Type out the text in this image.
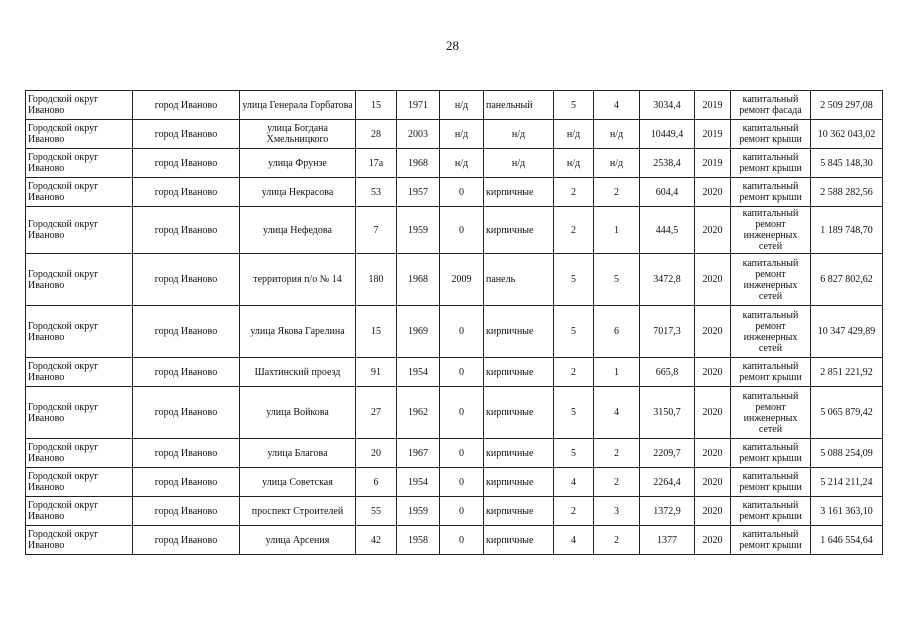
28
Городской округ Иваново	город Иваново	улица Генерала Горбатова	15	1971	н/д	панельный	5	4	3034,4	2019	капитальный ремонт фасада	2 509 297,08
Городской округ Иваново	город Иваново	улица Богдана Хмельницкого	28	2003	н/д	н/д	н/д	н/д	10449,4	2019	капитальный ремонт крыши	10 362 043,02
Городской округ Иваново	город Иваново	улица Фрунзе	17а	1968	н/д	н/д	н/д	н/д	2538,4	2019	капитальный ремонт крыши	5 845 148,30
Городской округ Иваново	город Иваново	улица Некрасова	53	1957	0	кирпичные	2	2	604,4	2020	капитальный ремонт крыши	2 588 282,56
Городской округ Иваново	город Иваново	улица Нефедова	7	1959	0	кирпичные	2	1	444,5	2020	капитальный ремонт инженерных сетей	1 189 748,70
Городской округ Иваново	город Иваново	территория п/о № 14	180	1968	2009	панель	5	5	3472,8	2020	капитальный ремонт инженерных сетей	6 827 802,62
Городской округ Иваново	город Иваново	улица Якова Гарелина	15	1969	0	кирпичные	5	6	7017,3	2020	капитальный ремонт инженерных сетей	10 347 429,89
Городской округ Иваново	город Иваново	Шахтинский проезд	91	1954	0	кирпичные	2	1	665,8	2020	капитальный ремонт крыши	2 851 221,92
Городской округ Иваново	город Иваново	улица Войкова	27	1962	0	кирпичные	5	4	3150,7	2020	капитальный ремонт инженерных сетей	5 065 879,42
Городской округ Иваново	город Иваново	улица Благова	20	1967	0	кирпичные	5	2	2209,7	2020	капитальный ремонт крыши	5 088 254,09
Городской округ Иваново	город Иваново	улица Советская	6	1954	0	кирпичные	4	2	2264,4	2020	капитальный ремонт крыши	5 214 211,24
Городской округ Иваново	город Иваново	проспект Строителей	55	1959	0	кирпичные	2	3	1372,9	2020	капитальный ремонт крыши	3 161 363,10
Городской округ Иваново	город Иваново	улица Арсения	42	1958	0	кирпичные	4	2	1377	2020	капитальный ремонт крыши	1 646 554,64
